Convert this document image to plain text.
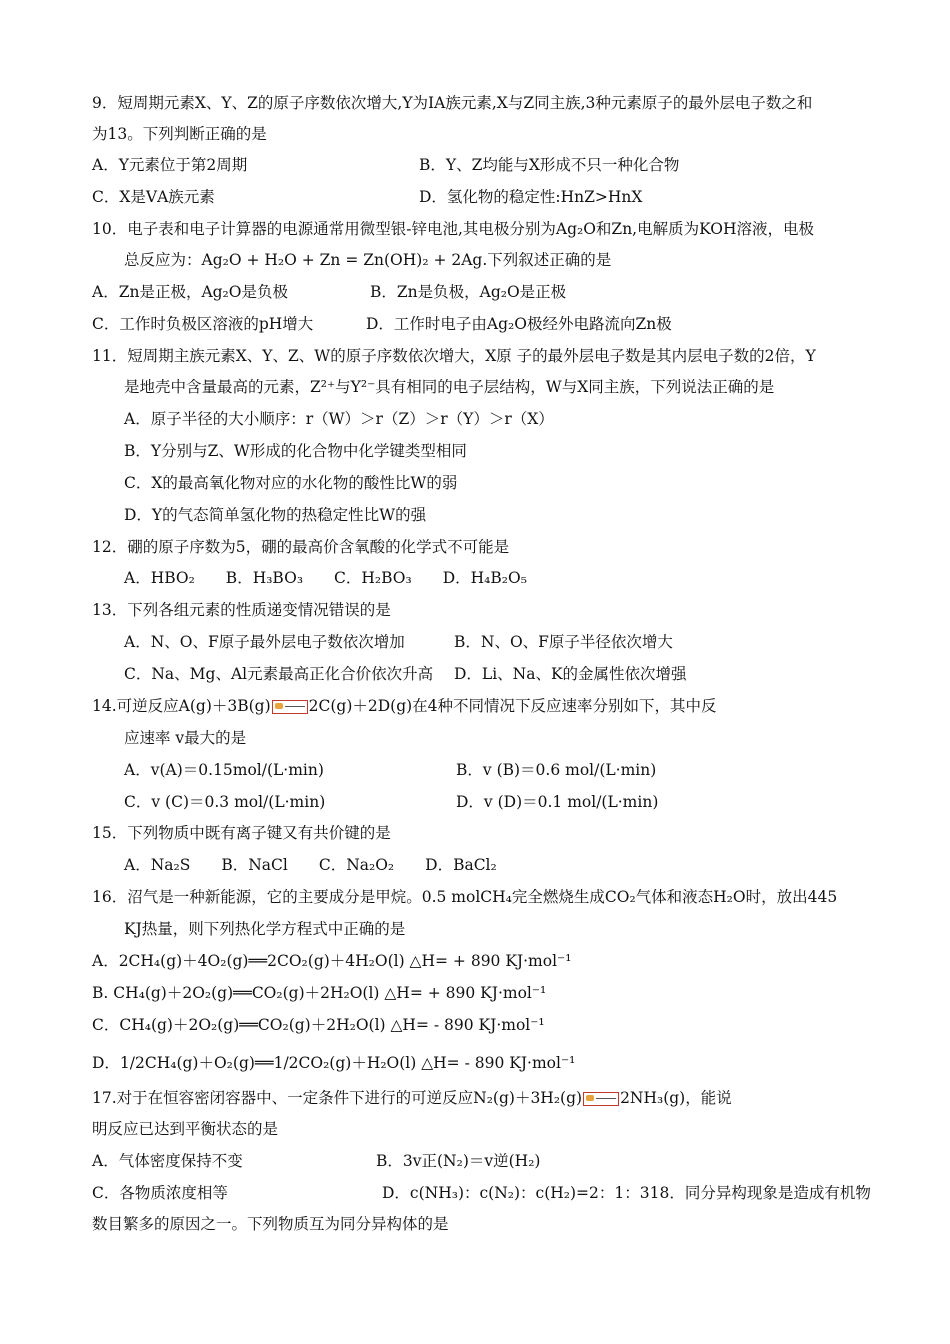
9．短周期元素X、Y、Z的原子序数依次增大,Y为IA族元素,X与Z同主族,3种元素原子的最外层电子数之和
为13。下列判断正确的是
A．Y元素位于第2周期	B．Y、Z均能与X形成不只一种化合物
C．X是ⅤA族元素	D．氢化物的稳定性:HnZ>HnX
10．电子表和电子计算器的电源通常用微型银-锌电池,其电极分别为Ag₂O和Zn,电解质为KOH溶液，电极
总反应为：Ag₂O + H₂O + Zn = Zn(OH)₂ + 2Ag.下列叙述正确的是
A．Zn是正极，Ag₂O是负极	B．Zn是负极，Ag₂O是正极
C．工作时负极区溶液的pH增大	D．工作时电子由Ag₂O极经外电路流向Zn极
11．短周期主族元素X、Y、Z、W的原子序数依次增大，X原 子的最外层电子数是其内层电子数的2倍，Y
是地壳中含量最高的元素，Z²⁺与Y²⁻具有相同的电子层结构，W与X同主族，下列说法正确的是
A．原子半径的大小顺序：r（W）＞r（Z）＞r（Y）＞r（X）
B．Y分别与Z、W形成的化合物中化学键类型相同
C．X的最高氧化物对应的水化物的酸性比W的弱
D．Y的气态简单氢化物的热稳定性比W的强
12．硼的原子序数为5，硼的最高价含氧酸的化学式不可能是
A．HBO₂　　B．H₃BO₃　　C．H₂BO₃　　D．H₄B₂O₅
13．下列各组元素的性质递变情况错误的是
A．N、O、F原子最外层电子数依次增加	B．N、O、F原子半径依次增大
C．Na、Mg、Al元素最高正化合价依次升高 D．Li、Na、K的金属性依次增强
14.可逆反应A(g)＋3B(g) 2C(g)＋2D(g)在4种不同情况下反应速率分别如下，其中反
应速率 v最大的是
A．v(A)＝0.15mol/(L·min)	B．v (B)＝0.6 mol/(L·min)
C．v (C)＝0.3 mol/(L·min)	D．v (D)＝0.1 mol/(L·min)
15．下列物质中既有离子键又有共价键的是
A．Na₂S　　B．NaCl　　C．Na₂O₂　　D．BaCl₂
16．沼气是一种新能源，它的主要成分是甲烷。0.5 molCH₄完全燃烧生成CO₂气体和液态H₂O时，放出445
KJ热量，则下列热化学方程式中正确的是
A．2CH₄(g)＋4O₂(g)══2CO₂(g)＋4H₂O(l) △H= + 890 KJ·mol⁻¹
B. CH₄(g)＋2O₂(g)══CO₂(g)＋2H₂O(l) △H= + 890 KJ·mol⁻¹
C．CH₄(g)＋2O₂(g)══CO₂(g)＋2H₂O(l) △H= - 890 KJ·mol⁻¹
D．1/2CH₄(g)＋O₂(g)══1/2CO₂(g)＋H₂O(l) △H= - 890 KJ·mol⁻¹
17.对于在恒容密闭容器中、一定条件下进行的可逆反应N₂(g)＋3H₂(g) 2NH₃(g)，能说
明反应已达到平衡状态的是
A．气体密度保持不变	B．3v正(N₂)＝v逆(H₂)
C．各物质浓度相等	D．c(NH₃)：c(N₂)：c(H₂)=2：1：318．同分异构现象是造成有机物
数目繁多的原因之一。下列物质互为同分异构体的是
